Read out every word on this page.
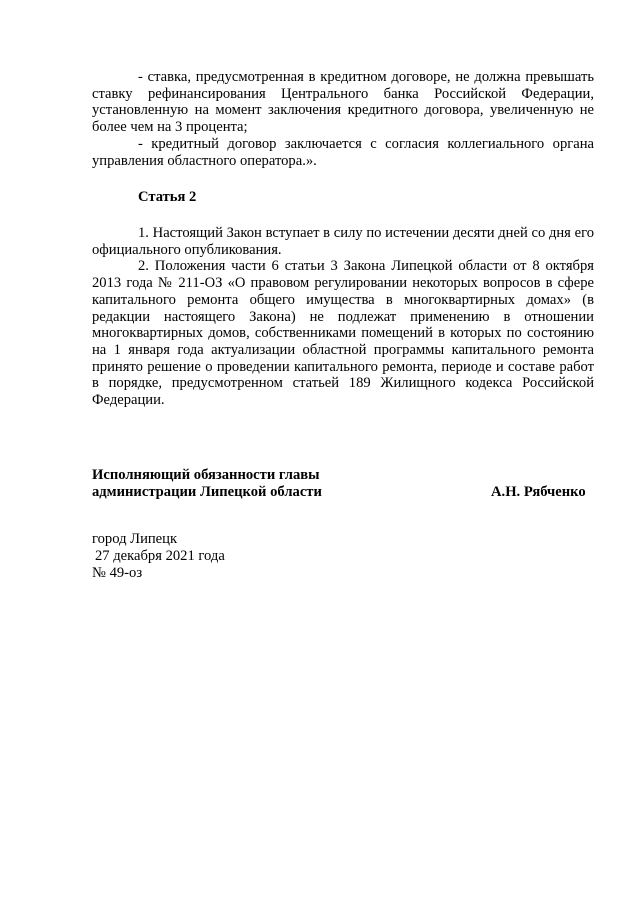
- ставка, предусмотренная в кредитном договоре, не должна превышать ставку рефинансирования Центрального банка Российской Федерации, установленную на момент заключения кредитного договора, увеличенную не более чем на 3 процента;

- кредитный договор заключается с согласия коллегиального органа управления областного оператора.».

Статья 2

1. Настоящий Закон вступает в силу по истечении десяти дней со дня его официального опубликования.

2. Положения части 6 статьи 3 Закона Липецкой области от 8 октября 2013 года № 211-ОЗ «О правовом регулировании некоторых вопросов в сфере капитального ремонта общего имущества в многоквартирных домах» (в редакции настоящего Закона) не подлежат применению в отношении многоквартирных домов, собственниками помещений в которых по состоянию на 1 января года актуализации областной программы капитального ремонта принято решение о проведении капитального ремонта, периоде и составе работ в порядке, предусмотренном статьей 189 Жилищного кодекса Российской Федерации.

Исполняющий обязанности главы

администрации Липецкой области	А.Н. Рябченко

город Липецк

27 декабря 2021 года

№ 49-оз
